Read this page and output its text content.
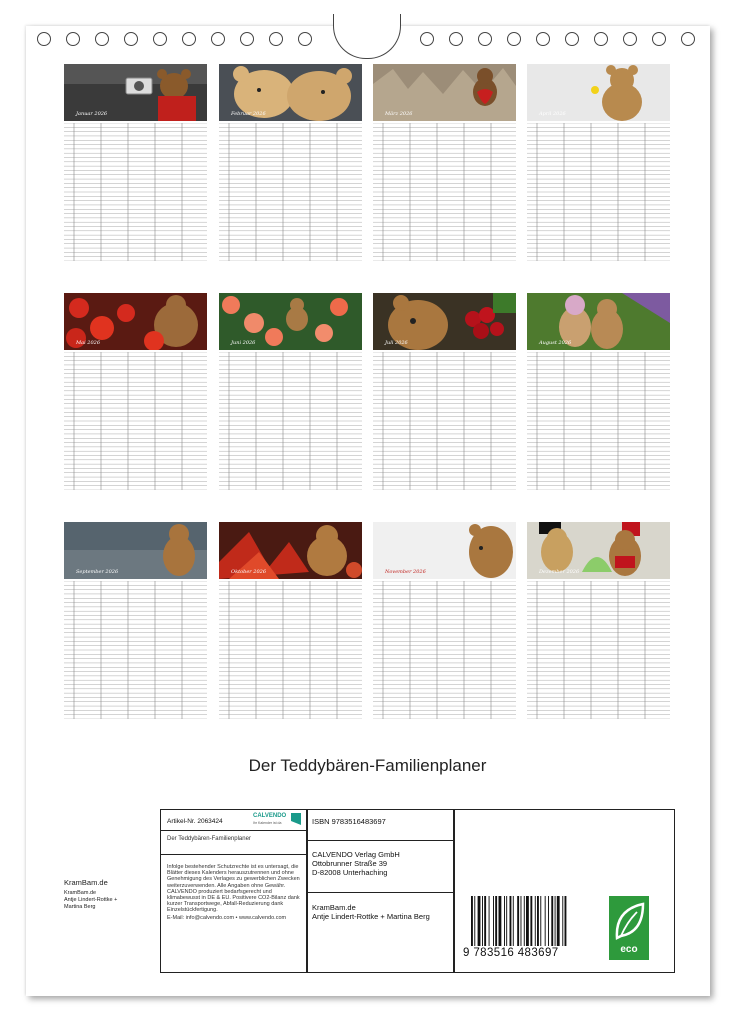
Januar 2026	Februar 2026	März 2026	April 2026
Mai 2026	Juni 2026	Juli 2026	August 2026
September 2026	Oktober 2026	November 2026	Dezember 2026
Der Teddybären-Familienplaner
KramBam.de
KramBam.de
Antje Lindert-Rottke +
Martina Berg
Artikel-Nr. 2063424
CALVENDO
Ihr Kalender ist da
Der Teddybären-Familienplaner
Infolge bestehender Schutzrechte ist es untersagt, die Blätter dieses Kalenders herauszutrennen und ohne Genehmigung des Verlages zu gewerblichen Zwecken weiterzuverwenden. Alle Angaben ohne Gewähr. CALVENDO produziert bedarfsgerecht und klimabewusst in DE & EU. Positivere CO2-Bilanz dank kurzer Transportwege, Abfall-Reduzierung dank Einzelstückfertigung.
E-Mail: info@calvendo.com • www.calvendo.com
ISBN 9783516483697
CALVENDO Verlag GmbH
Ottobrunner Straße 39
D-82008 Unterhaching
KramBam.de
Antje Lindert-Rottke + Martina Berg
9 783516 483697	eco
